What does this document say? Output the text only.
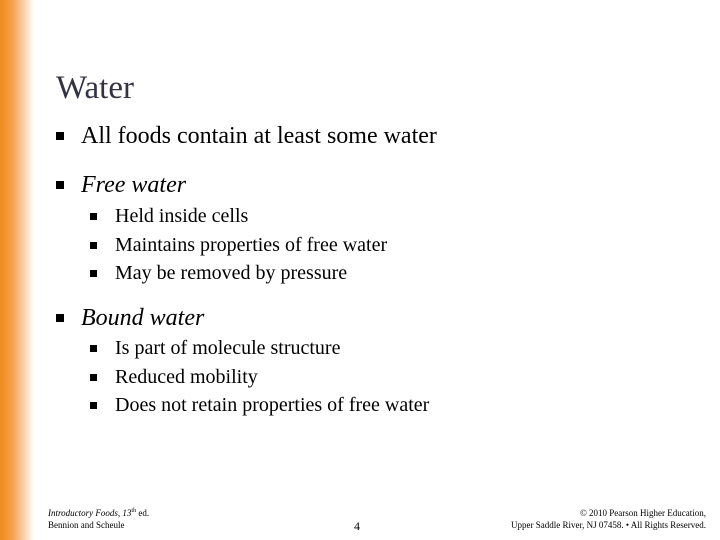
Water
All foods contain at least some water
Free water
Held inside cells
Maintains properties of free water
May be removed by pressure
Bound water
Is part of molecule structure
Reduced mobility
Does not retain properties of free water
Introductory Foods, 13th ed.
Bennion and Scheule	4
© 2010 Pearson Higher Education,
Upper Saddle River, NJ 07458. • All Rights Reserved.
